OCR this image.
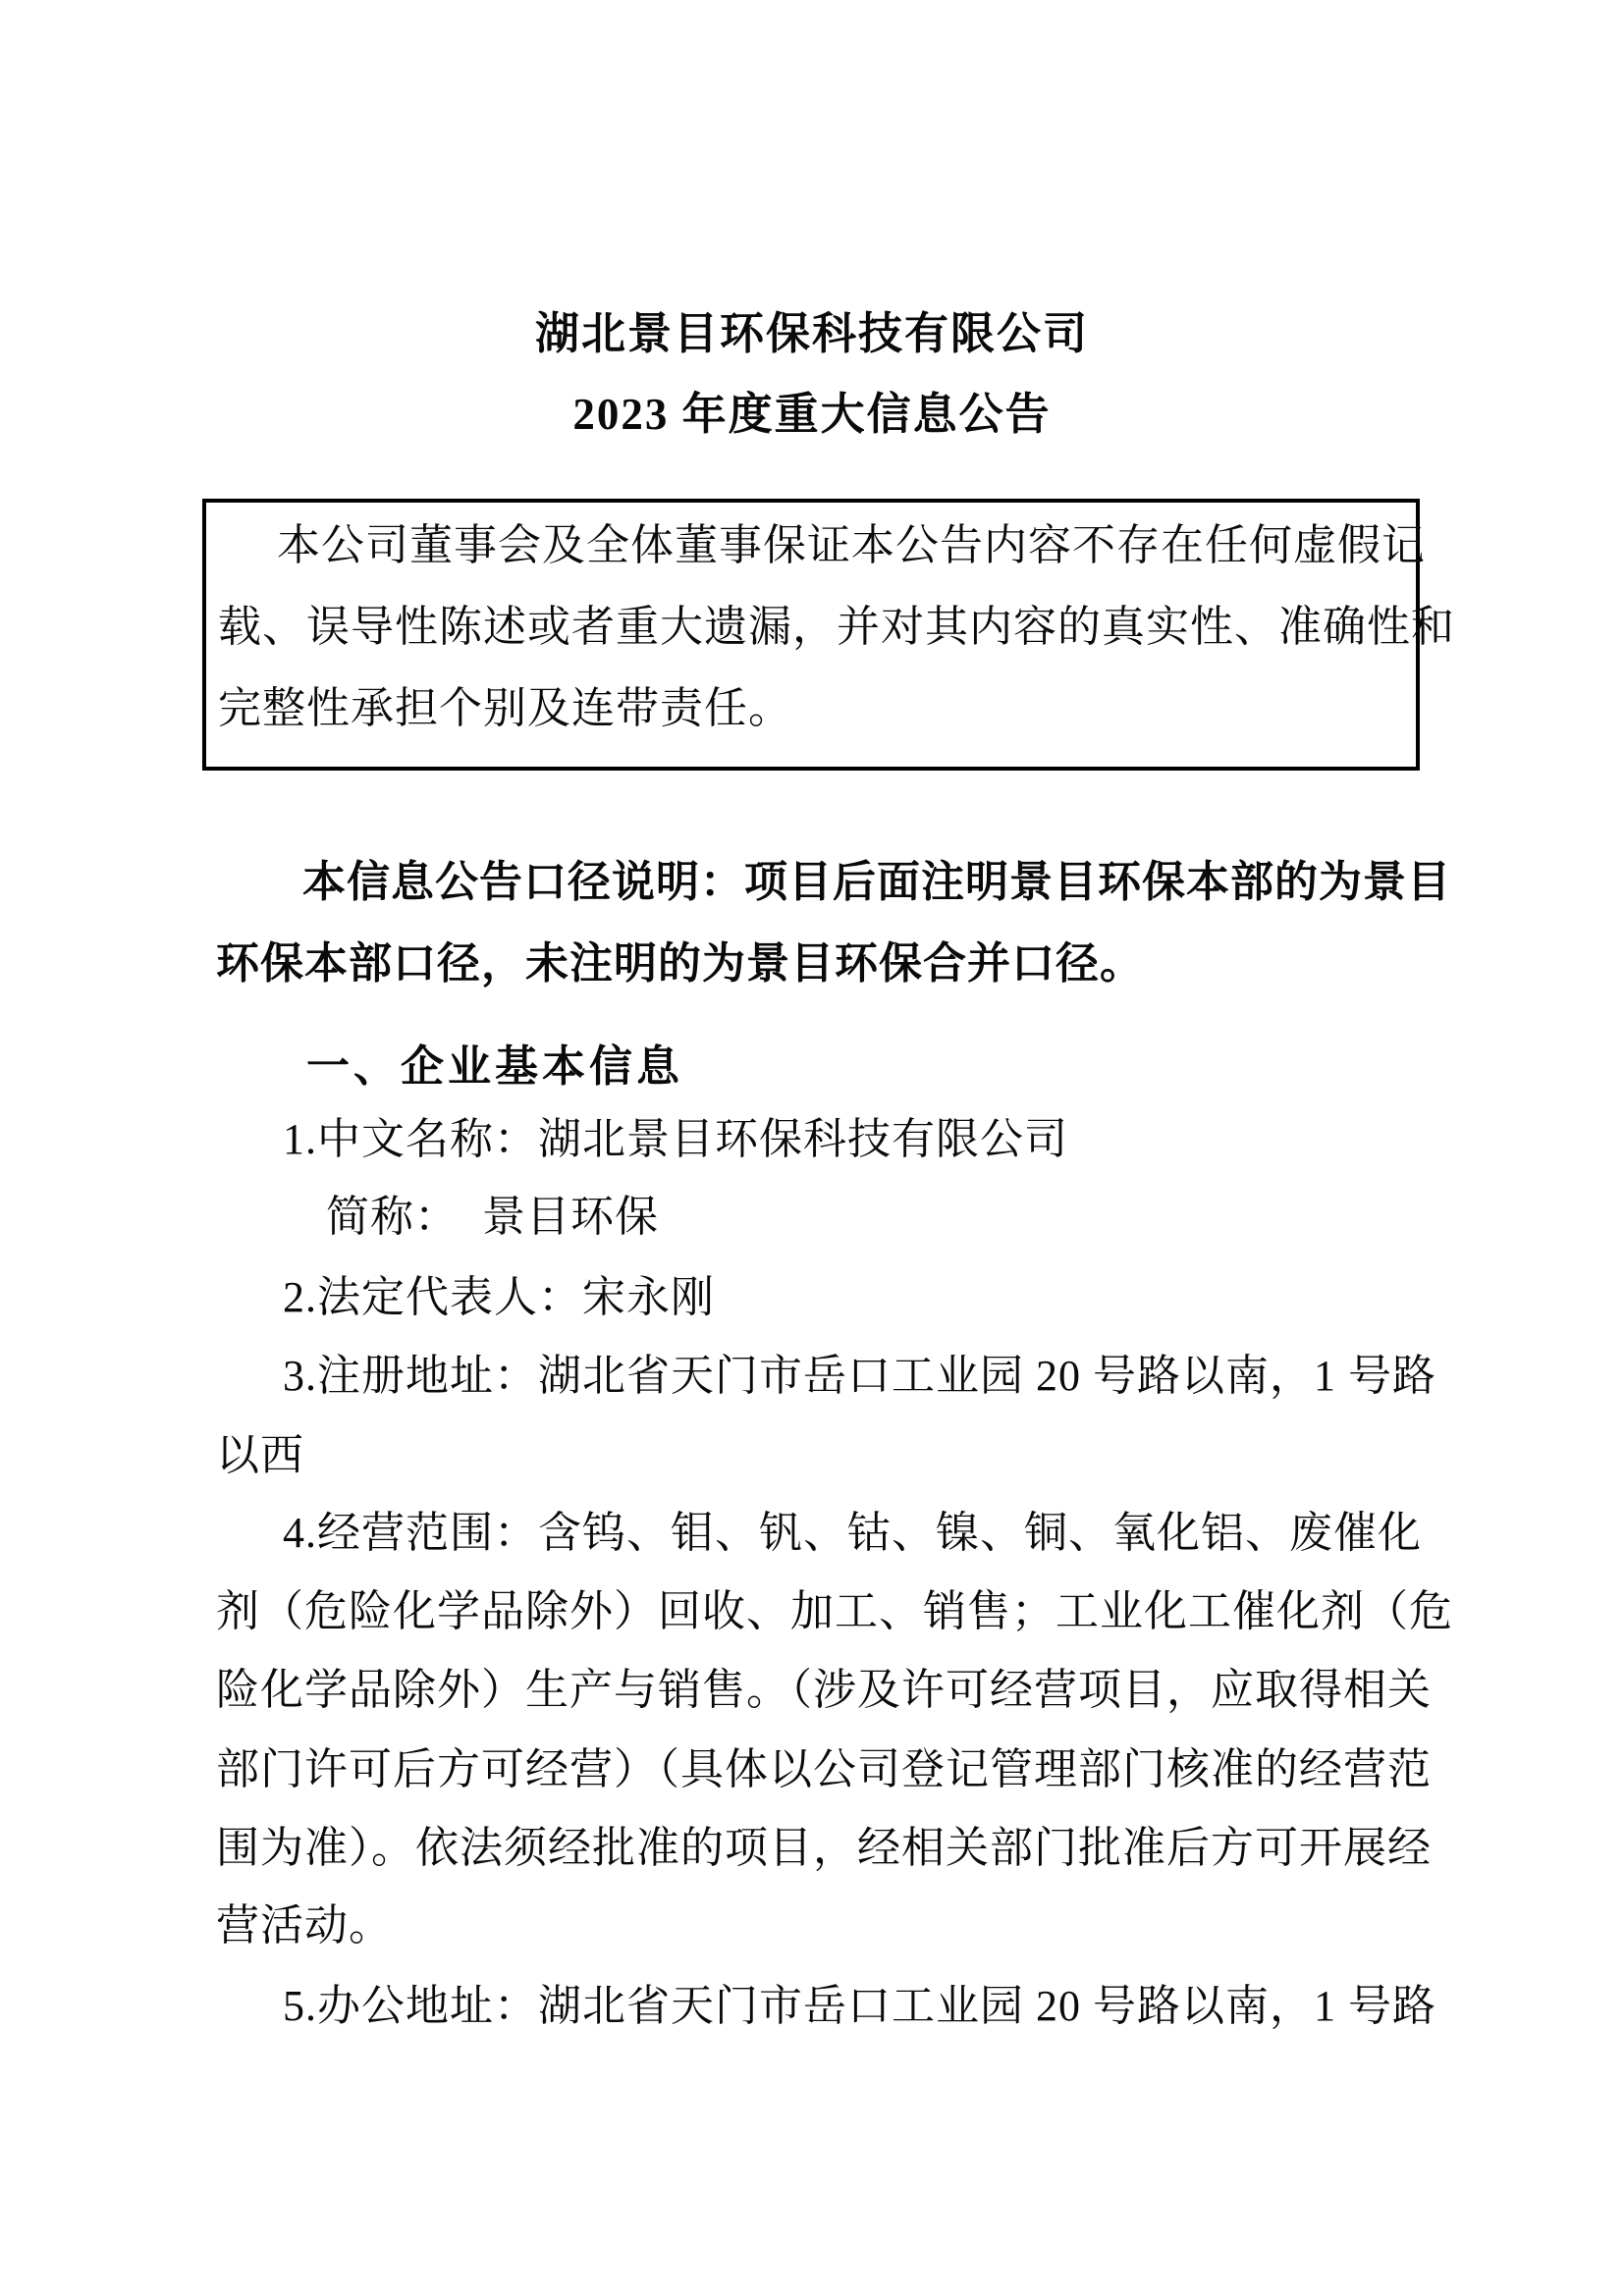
湖北景目环保科技有限公司
2023 年度重大信息公告
本公司董事会及全体董事保证本公告内容不存在任何虚假记
载、误导性陈述或者重大遗漏，并对其内容的真实性、准确性和
完整性承担个别及连带责任。
本信息公告口径说明：项目后面注明景目环保本部的为景目
环保本部口径，未注明的为景目环保合并口径。
一、企业基本信息
1.中文名称：湖北景目环保科技有限公司
简称：  景目环保
2.法定代表人：宋永刚
3.注册地址：湖北省天门市岳口工业园 20 号路以南，1 号路
以西
4.经营范围：含钨、钼、钒、钴、镍、铜、氧化铝、废催化
剂（危险化学品除外）回收、加工、销售；工业化工催化剂（危
险化学品除外）生产与销售。（涉及许可经营项目，应取得相关
部门许可后方可经营）（具体以公司登记管理部门核准的经营范
围为准）。依法须经批准的项目，经相关部门批准后方可开展经
营活动。
5.办公地址：湖北省天门市岳口工业园 20 号路以南，1 号路
